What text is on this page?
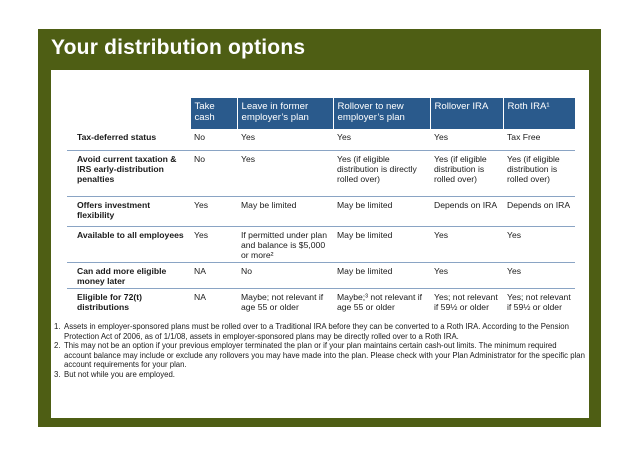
Your distribution options
	Take cash	Leave in former employer’s plan	Rollover to new employer’s plan	Rollover IRA	Roth IRA¹
Tax-deferred status	No	Yes	Yes	Yes	Tax Free
Avoid current taxation & IRS early-distribution penalties	No	Yes	Yes (if eligible distribution is directly rolled over)	Yes (if eligible distribution is rolled over)	Yes (if eligible distribution is rolled over)
Offers investment flexibility	Yes	May be limited	May be limited	Depends on IRA	Depends on IRA
Available to all employees	Yes	If permitted under plan and balance is $5,000 or more²	May be limited	Yes	Yes
Can add more eligible money later	NA	No	May be limited	Yes	Yes
Eligible for 72(t) distributions	NA	Maybe; not relevant if age 55 or older	Maybe;³ not relevant if age 55 or older	Yes; not relevant if 59½ or older	Yes; not relevant if 59½ or older
1. Assets in employer-sponsored plans must be rolled over to a Traditional IRA before they can be converted to a Roth IRA. According to the Pension Protection Act of 2006, as of 1/1/08, assets in employer-sponsored plans may be directly rolled over to a Roth IRA.
2. This may not be an option if your previous employer terminated the plan or if your plan maintains certain cash-out limits. The minimum required account balance may include or exclude any rollovers you may have made into the plan. Please check with your Plan Administrator for the specific plan account requirements for your plan.
3. But not while you are employed.
